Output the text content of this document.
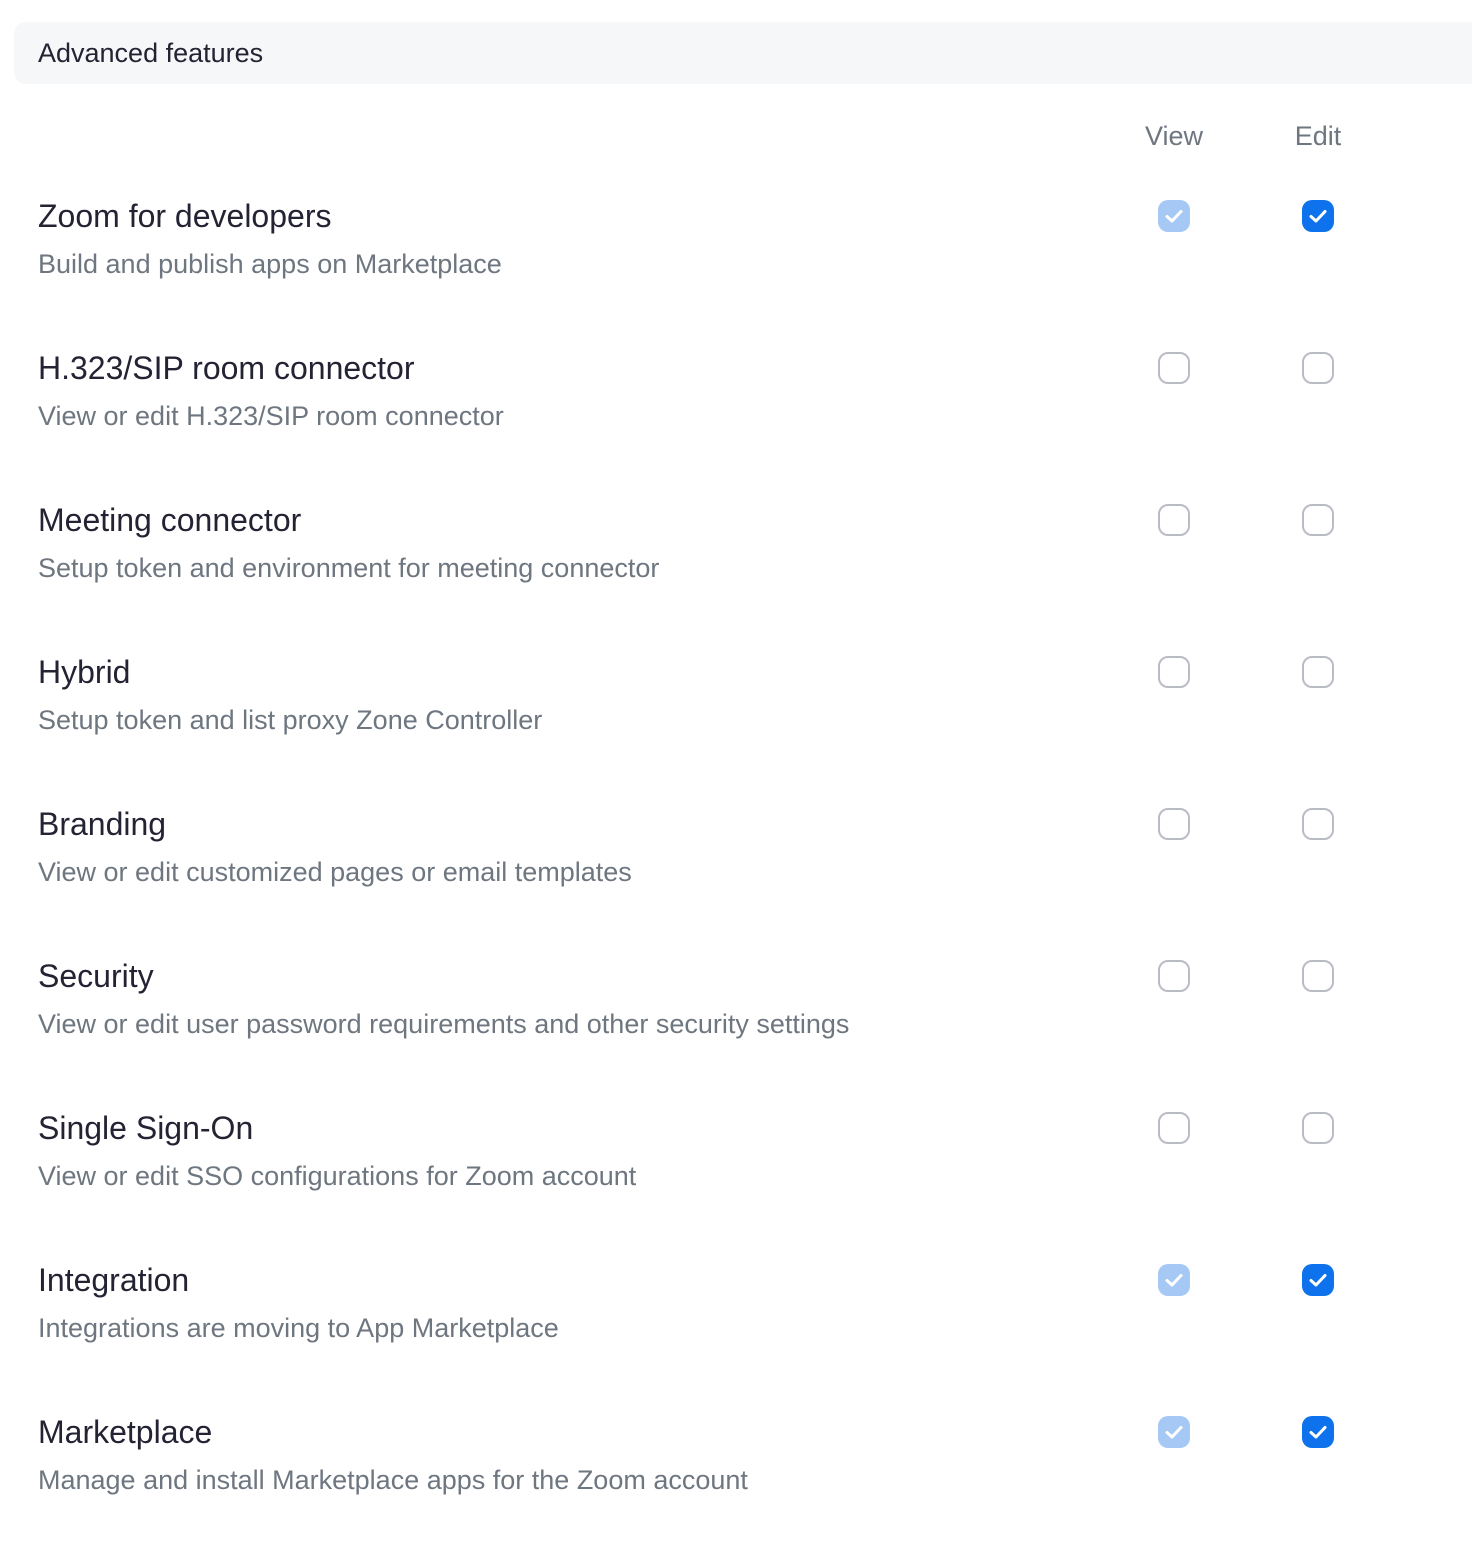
Advanced features
View	Edit
Zoom for developers
Build and publish apps on Marketplace
H.323/SIP room connector
View or edit H.323/SIP room connector
Meeting connector
Setup token and environment for meeting connector
Hybrid
Setup token and list proxy Zone Controller
Branding
View or edit customized pages or email templates
Security
View or edit user password requirements and other security settings
Single Sign-On
View or edit SSO configurations for Zoom account
Integration
Integrations are moving to App Marketplace
Marketplace
Manage and install Marketplace apps for the Zoom account
